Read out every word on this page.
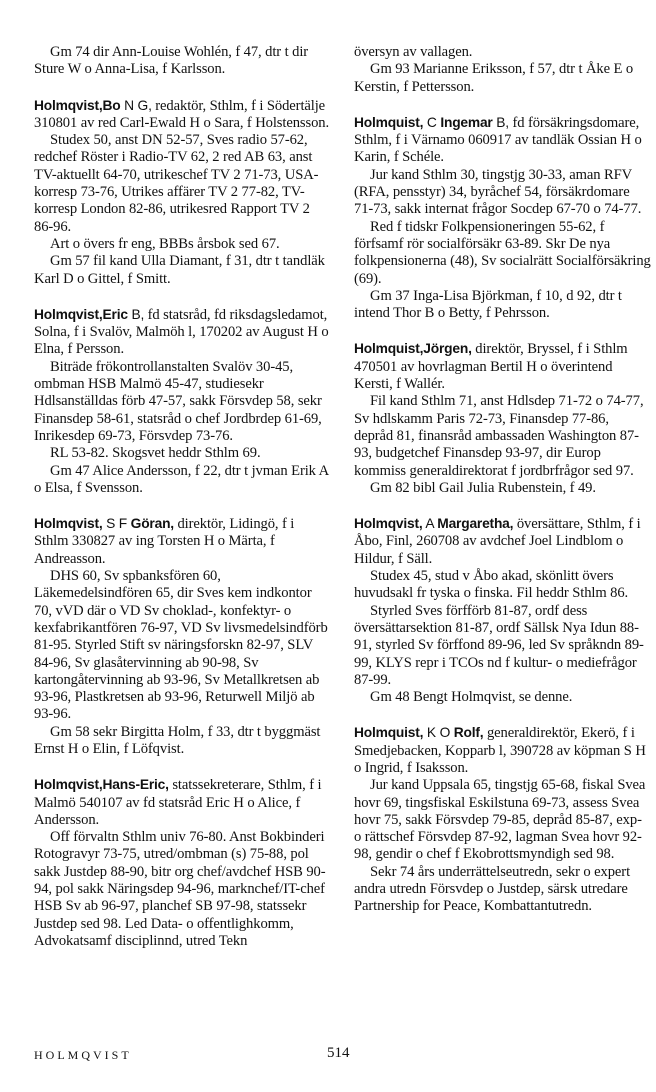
Gm 74 dir Ann-Louise Wohlén, f 47, dtr t dir Sture W o Anna-Lisa, f Karlsson.

Holmqvist,Bo N G, redaktör, Sthlm, f i Södertälje 310801 av red Carl-Ewald H o Sara, f Holstensson.

Studex 50, anst DN 52-57, Sves radio 57-62, redchef Röster i Radio-TV 62, 2 red AB 63, anst TV-aktuellt 64-70, utrikeschef TV 2 71-73, USA-korresp 73-76, Utrikes affärer TV 2 77-82, TV-korresp London 82-86, utrikesred Rapport TV 2 86-96.

Art o övers fr eng, BBBs årsbok sed 67.

Gm 57 fil kand Ulla Diamant, f 31, dtr t tandläk Karl D o Gittel, f Smitt.

Holmqvist,Eric B, fd statsråd, fd riksdagsledamot, Solna, f i Svalöv, Malmöh l, 170202 av August H o Elna, f Persson.

Biträde frökontrollanstalten Svalöv 30-45, ombman HSB Malmö 45-47, studiesekr Hdlsanställdas förb 47-57, sakk Försvdep 58, sekr Finansdep 58-61, statsråd o chef Jordbrdep 61-69, Inrikesdep 69-73, Försvdep 73-76.

RL 53-82. Skogsvet heddr Sthlm 69.

Gm 47 Alice Andersson, f 22, dtr t jvman Erik A o Elsa, f Svensson.

Holmqvist, S F Göran, direktör, Lidingö, f i Sthlm 330827 av ing Torsten H o Märta, f Andreasson.

DHS 60, Sv spbanksfören 60, Läkemedelsindfören 65, dir Sves kem indkontor 70, vVD där o VD Sv choklad-, konfektyr- o kexfabrikantfören 76-97, VD Sv livsmedelsindförb 81-95. Styrled Stift sv näringsforskn 82-97, SLV 84-96, Sv glasåtervinning ab 90-98, Sv kartongåtervinning ab 93-96, Sv Metallkretsen ab 93-96, Plastkretsen ab 93-96, Returwell Miljö ab 93-96.

Gm 58 sekr Birgitta Holm, f 33, dtr t byggmäst Ernst H o Elin, f Löfqvist.

Holmqvist,Hans-Eric, statssekreterare, Sthlm, f i Malmö 540107 av fd statsråd Eric H o Alice, f Andersson.

Off förvaltn Sthlm univ 76-80. Anst Bokbinderi Rotogravyr 73-75, utred/ombman (s) 75-88, pol sakk Justdep 88-90, bitr org chef/avdchef HSB 90-94, pol sakk Näringsdep 94-96, marknchef/IT-chef HSB Sv ab 96-97, planchef SB 97-98, statssekr Justdep sed 98. Led Data- o offentlighkomm, Advokatsamf disciplinnd, utred Tekn

översyn av vallagen.

Gm 93 Marianne Eriksson, f 57, dtr t Åke E o Kerstin, f Pettersson.

Holmquist, C Ingemar B, fd försäkringsdomare, Sthlm, f i Värnamo 060917 av tandläk Ossian H o Karin, f Schéle.

Jur kand Sthlm 30, tingstjg 30-33, aman RFV (RFA, pensstyr) 34, byråchef 54, försäkrdomare 71-73, sakk internat frågor Socdep 67-70 o 74-77.

Red f tidskr Folkpensioneringen 55-62, f förfsamf rör socialförsäkr 63-89. Skr De nya folkpensionerna (48), Sv socialrätt Socialförsäkring (69).

Gm 37 Inga-Lisa Björkman, f 10, d 92, dtr t intend Thor B o Betty, f Pehrsson.

Holmquist,Jörgen, direktör, Bryssel, f i Sthlm 470501 av hovrlagman Bertil H o överintend Kersti, f Wallér.

Fil kand Sthlm 71, anst Hdlsdep 71-72 o 74-77, Sv hdlskamm Paris 72-73, Finansdep 77-86, depråd 81, finansråd ambassaden Washington 87-93, budgetchef Finansdep 93-97, dir Europ kommiss generaldirektorat f jordbrfrågor sed 97.

Gm 82 bibl Gail Julia Rubenstein, f 49.

Holmqvist, A Margaretha, översättare, Sthlm, f i Åbo, Finl, 260708 av avdchef Joel Lindblom o Hildur, f Säll.

Studex 45, stud v Åbo akad, skönlitt övers huvudsakl fr tyska o finska. Fil heddr Sthlm 86.

Styrled Sves förfförb 81-87, ordf dess översättarsektion 81-87, ordf Sällsk Nya Idun 88-91, styrled Sv förffond 89-96, led Sv språkndn 89-99, KLYS repr i TCOs nd f kultur- o mediefrågor 87-99.

Gm 48 Bengt Holmqvist, se denne.

Holmquist, K O Rolf, generaldirektör, Ekerö, f i Smedjebacken, Kopparb l, 390728 av köpman S H o Ingrid, f Isaksson.

Jur kand Uppsala 65, tingstjg 65-68, fiskal Svea hovr 69, tingsfiskal Eskilstuna 69-73, assess Svea hovr 75, sakk Försvdep 79-85, depråd 85-87, exp- o rättschef Försvdep 87-92, lagman Svea hovr 92-98, gendir o chef f Ekobrottsmyndigh sed 98.

Sekr 74 års underrättelseutredn, sekr o expert andra utredn Försvdep o Justdep, särsk utredare Partnership for Peace, Kombattantutredn.

HOLMQVIST	514
